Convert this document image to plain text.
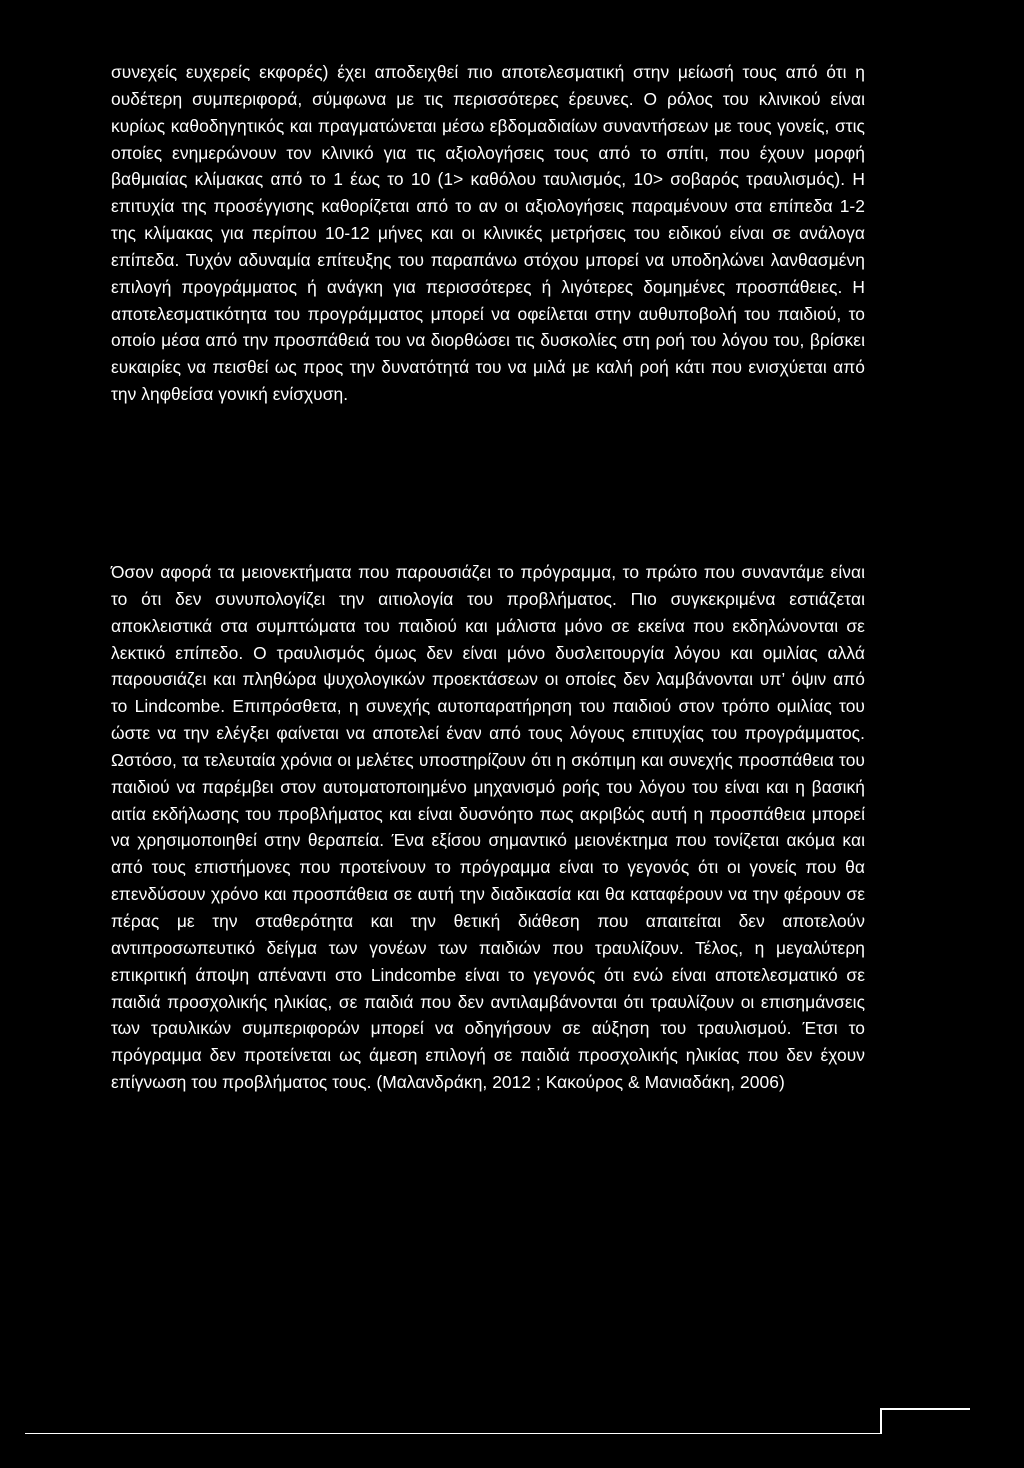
συνεχείς ευχερείς εκφορές) έχει αποδειχθεί πιο αποτελεσματική στην μείωσή τους από ότι η ουδέτερη συμπεριφορά, σύμφωνα με τις περισσότερες έρευνες. Ο ρόλος του κλινικού είναι κυρίως καθοδηγητικός και πραγματώνεται μέσω εβδομαδιαίων συναντήσεων με τους γονείς, στις οποίες ενημερώνουν τον κλινικό για τις αξιολογήσεις τους από το σπίτι, που έχουν μορφή βαθμιαίας κλίμακας από το 1 έως το 10 (1> καθόλου ταυλισμός, 10> σοβαρός τραυλισμός). Η επιτυχία της προσέγγισης καθορίζεται από το αν οι αξιολογήσεις παραμένουν στα επίπεδα 1-2 της κλίμακας για περίπου 10-12 μήνες και οι κλινικές μετρήσεις του ειδικού είναι σε ανάλογα επίπεδα. Τυχόν αδυναμία επίτευξης του παραπάνω στόχου μπορεί να υποδηλώνει λανθασμένη επιλογή προγράμματος ή ανάγκη για περισσότερες ή λιγότερες δομημένες προσπάθειες. Η αποτελεσματικότητα του προγράμματος μπορεί να οφείλεται στην αυθυποβολή του παιδιού, το οποίο μέσα από την προσπάθειά του να διορθώσει τις δυσκολίες στη ροή του λόγου του, βρίσκει ευκαιρίες να πεισθεί ως προς την δυνατότητά του να μιλά με καλή ροή κάτι που ενισχύεται από την ληφθείσα γονική ενίσχυση.

Όσον αφορά τα μειονεκτήματα που παρουσιάζει το πρόγραμμα, το πρώτο που συναντάμε είναι το ότι δεν συνυπολογίζει την αιτιολογία του προβλήματος. Πιο συγκεκριμένα εστιάζεται αποκλειστικά στα συμπτώματα του παιδιού και μάλιστα μόνο σε εκείνα που εκδηλώνονται σε λεκτικό επίπεδο. Ο τραυλισμός όμως δεν είναι μόνο δυσλειτουργία λόγου και ομιλίας αλλά παρουσιάζει και πληθώρα ψυχολογικών προεκτάσεων οι οποίες δεν λαμβάνονται υπ’ όψιν από το Lindcombe. Επιπρόσθετα, η συνεχής αυτοπαρατήρηση του παιδιού στον τρόπο ομιλίας του ώστε να την ελέγξει φαίνεται να αποτελεί έναν από τους λόγους επιτυχίας του προγράμματος. Ωστόσο, τα τελευταία χρόνια οι μελέτες υποστηρίζουν ότι η σκόπιμη και συνεχής προσπάθεια του παιδιού να παρέμβει στον αυτοματοποιημένο μηχανισμό ροής του λόγου του είναι και η βασική αιτία εκδήλωσης του προβλήματος και είναι δυσνόητο πως ακριβώς αυτή η προσπάθεια μπορεί να χρησιμοποιηθεί στην θεραπεία. Ένα εξίσου σημαντικό μειονέκτημα που τονίζεται ακόμα και από τους επιστήμονες που προτείνουν το πρόγραμμα είναι το γεγονός ότι οι γονείς που θα επενδύσουν χρόνο και προσπάθεια σε αυτή την διαδικασία και θα καταφέρουν να την φέρουν σε πέρας με την σταθερότητα και την θετική διάθεση που απαιτείται δεν αποτελούν αντιπροσωπευτικό δείγμα των γονέων των παιδιών που τραυλίζουν. Τέλος, η μεγαλύτερη επικριτική άποψη απέναντι στο Lindcombe είναι το γεγονός ότι ενώ είναι αποτελεσματικό σε παιδιά προσχολικής ηλικίας, σε παιδιά που δεν αντιλαμβάνονται ότι τραυλίζουν οι επισημάνσεις των τραυλικών συμπεριφορών μπορεί να οδηγήσουν σε αύξηση του τραυλισμού. Έτσι το πρόγραμμα δεν προτείνεται ως άμεση επιλογή σε παιδιά προσχολικής ηλικίας που δεν έχουν επίγνωση του προβλήματος τους. (Μαλανδράκη, 2012 ; Κακούρος & Μανιαδάκη, 2006)
